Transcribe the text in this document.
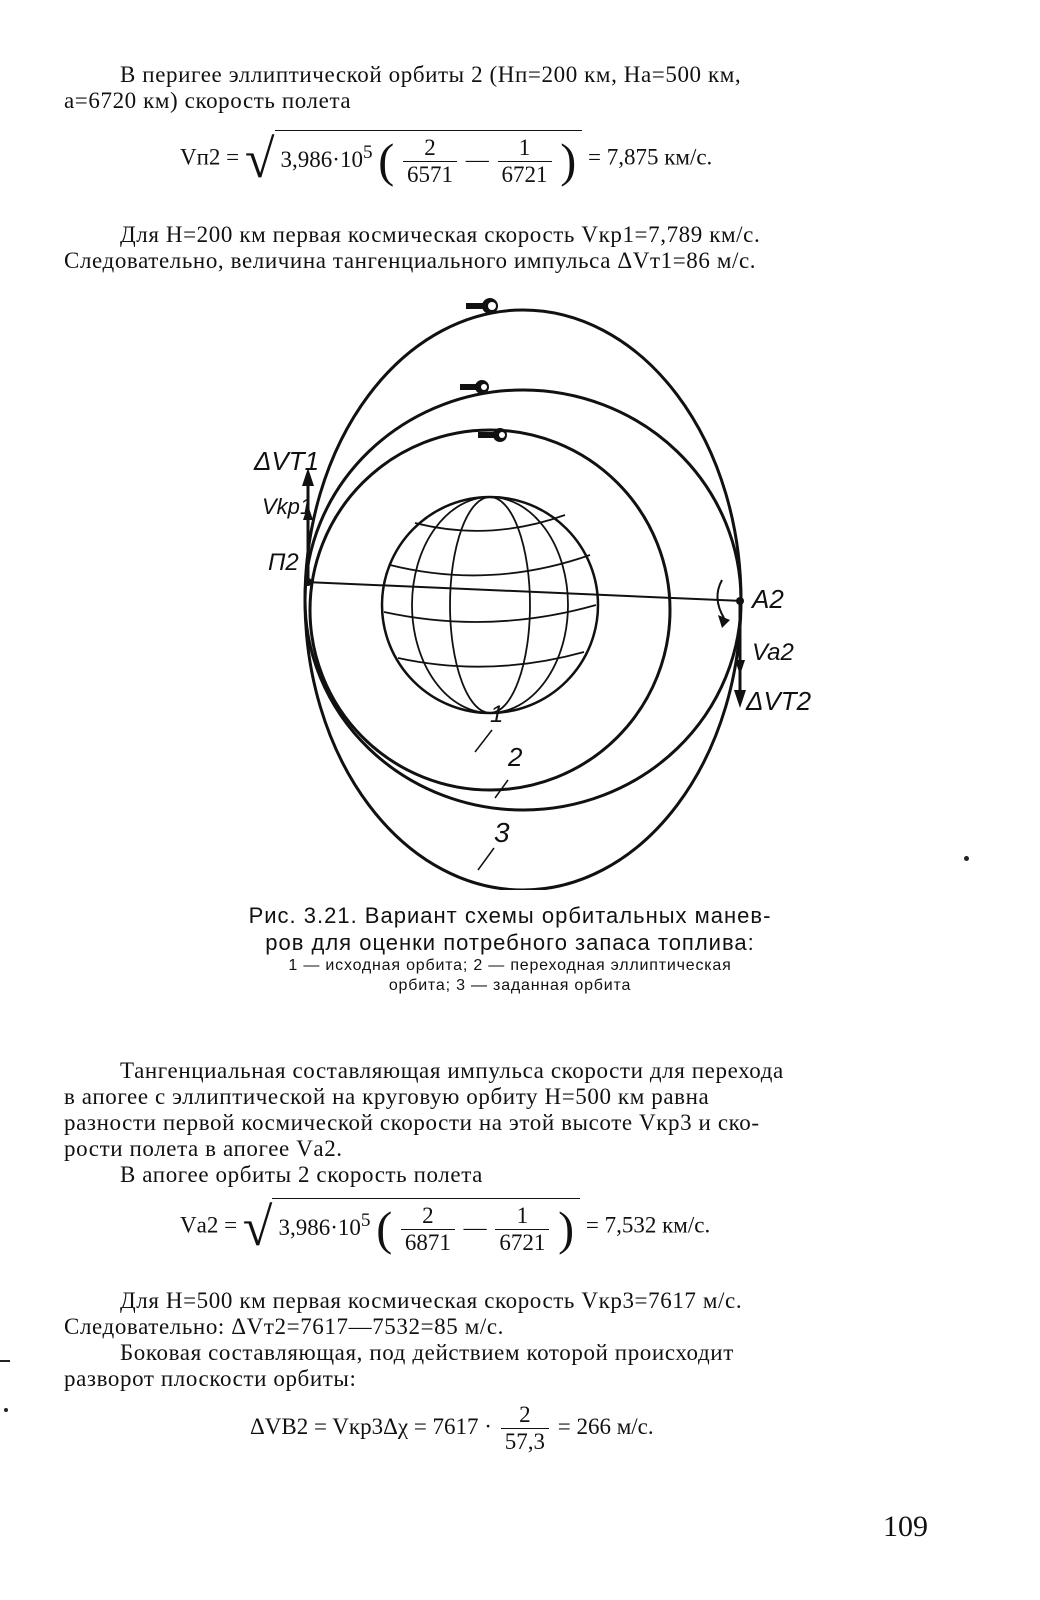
В перигее эллиптической орбиты 2 (Hп=200 км, Hа=500 км,
a=6720 км) скорость полета
Vп2 = √ $3,986\cdot 10^5$ ( $\frac{2}{6571}$ — $\frac{1}{6721}$ ) = 7,875 км/с.
Для H=200 км первая космическая скорость Vкр1=7,789 км/с.
Следовательно, величина тангенциального импульса ΔVт1=86 м/с.
ΔVT1
Vkp1
П2
A2
Va2
ΔVT2
1
2
3
Рис. 3.21. Вариант схемы орбитальных манев-
ров для оценки потребного запаса топлива:
1 — исходная орбита; 2 — переходная эллиптическая
орбита; 3 — заданная орбита
Тангенциальная составляющая импульса скорости для перехода
в апогее с эллиптической на круговую орбиту H=500 км равна
разности первой космической скорости на этой высоте Vкр3 и ско-
рости полета в апогее Vа2.
В апогее орбиты 2 скорость полета
Vа2 = √ $3,986\cdot 10^5$ ( $\frac{2}{6871}$ — $\frac{1}{6721}$ ) = 7,532 км/с.
Для H=500 км первая космическая скорость Vкр3=7617 м/с.
Следовательно: ΔVт2=7617—7532=85 м/с.
Боковая составляющая, под действием которой происходит
разворот плоскости орбиты:
$\Delta VB2 = Vкр3\Delta\chi = 7617 \cdot \frac{2}{57,3} = 266$ м/с.
109
